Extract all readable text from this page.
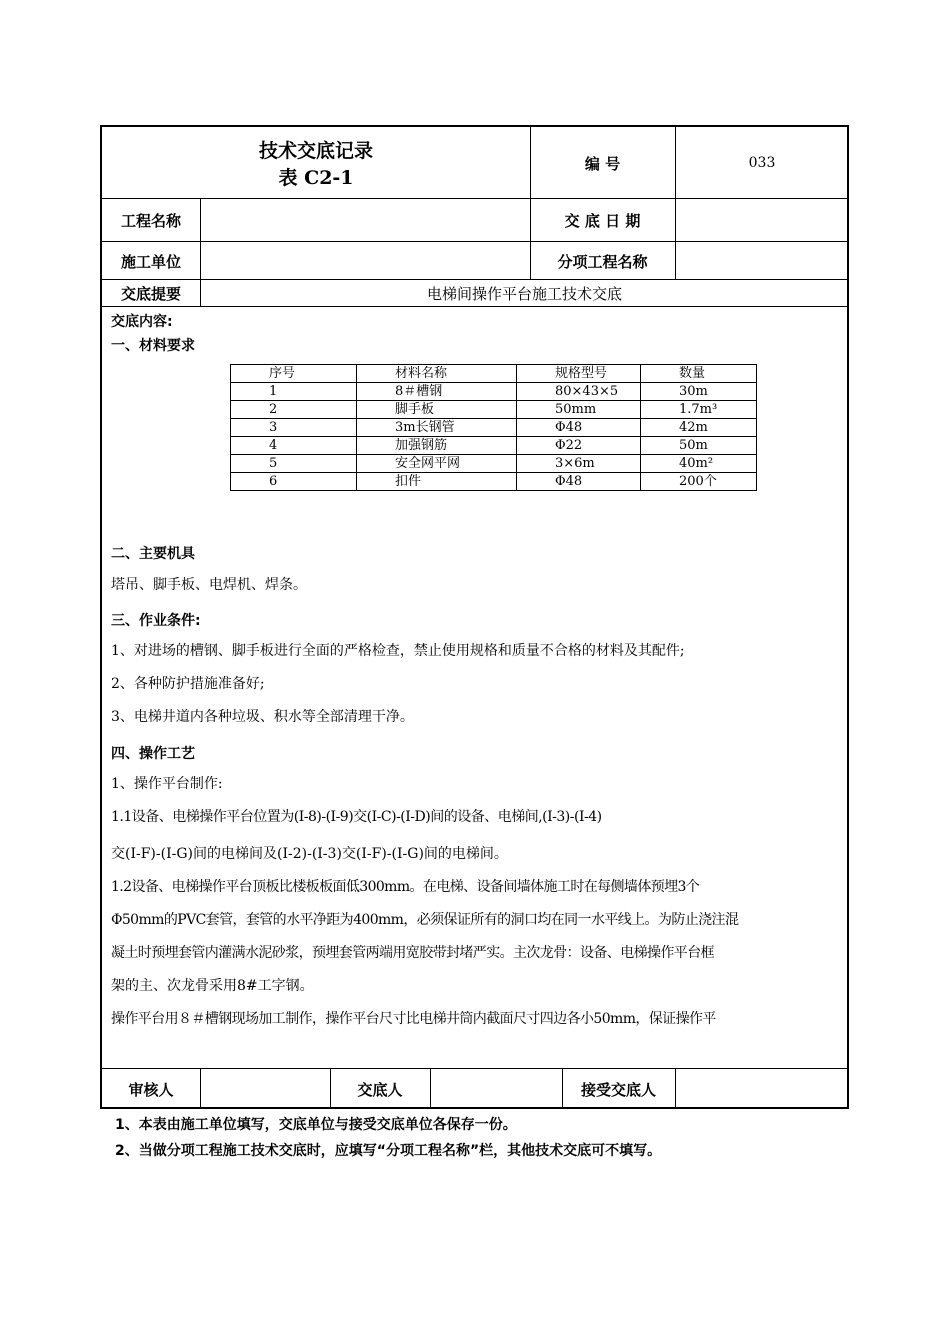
技术交底记录
表 C2-1
编 号	033
工程名称	交 底 日 期
施工单位	分项工程名称
交底提要	电梯间操作平台施工技术交底
交底内容:
一、材料要求
序号	材料名称	规格型号	数量
1	8＃槽钢	80×43×5	30m
2	脚手板	50mm	1.7m³
3	3m长钢管	Φ48	42m
4	加强钢筋	Φ22	50m
5	安全网平网	3×6m	40m²
6	扣件	Φ48	200个
二、主要机具
塔吊、脚手板、电焊机、焊条。
三、作业条件:
1、对进场的槽钢、脚手板进行全面的严格检查，禁止使用规格和质量不合格的材料及其配件;
2、各种防护措施准备好;
3、电梯井道内各种垃圾、积水等全部清理干净。
四、操作工艺
1、操作平台制作:
1.1设备、电梯操作平台位置为(Ⅰ-8)-(Ⅰ-9)交(Ⅰ-C)-(Ⅰ-D)间的设备、电梯间,(Ⅰ-3)-(Ⅰ-4)
交(Ⅰ-F)-(Ⅰ-G)间的电梯间及(Ⅰ-2)-(Ⅰ-3)交(Ⅰ-F)-(Ⅰ-G)间的电梯间。
1.2设备、电梯操作平台顶板比楼板板面低300mm。在电梯、设备间墙体施工时在每侧墙体预埋3个
Φ50mm的PVC套管，套管的水平净距为400mm，必须保证所有的洞口均在同一水平线上。为防止浇注混
凝土时预埋套管内灌满水泥砂浆，预埋套管两端用宽胶带封堵严实。主次龙骨：设备、电梯操作平台框
架的主、次龙骨采用8#工字钢。
操作平台用８＃槽钢现场加工制作，操作平台尺寸比电梯井筒内截面尺寸四边各小50mm，保证操作平
审核人	交底人	接受交底人
1、本表由施工单位填写，交底单位与接受交底单位各保存一份。
2、当做分项工程施工技术交底时，应填写“分项工程名称”栏，其他技术交底可不填写。
